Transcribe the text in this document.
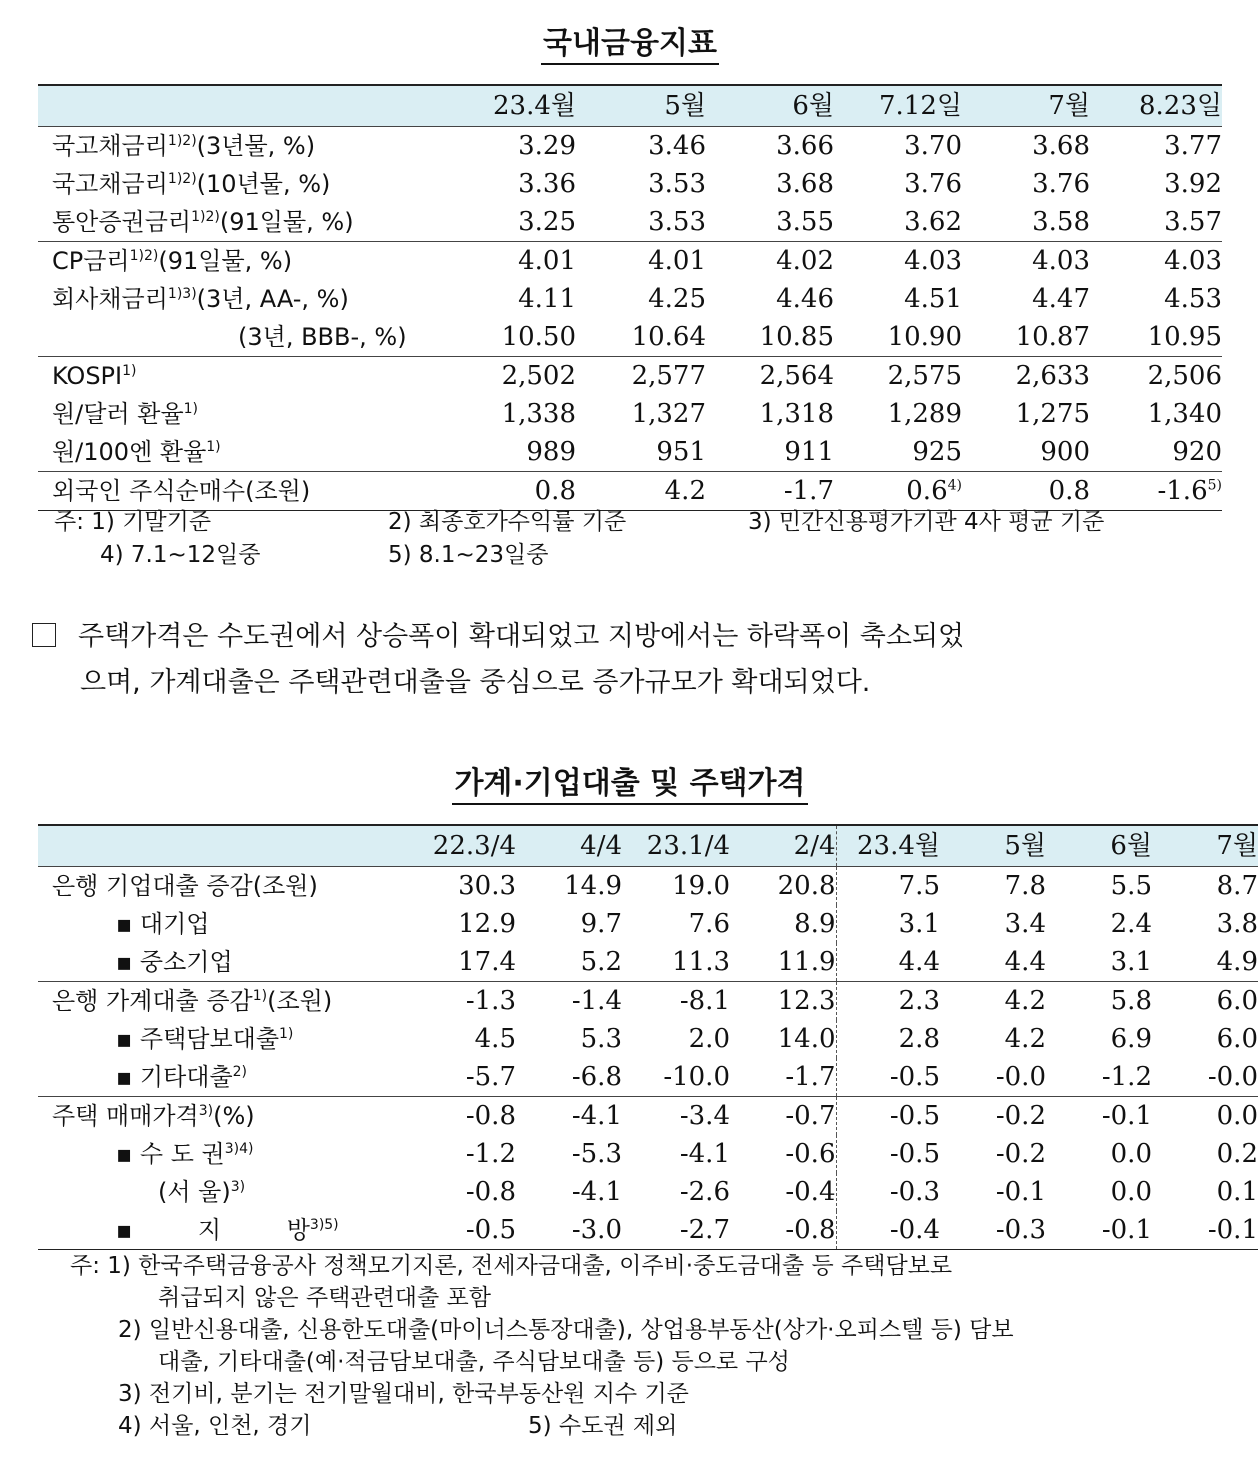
국내금융지표
	23.4월	5월	6월	7.12일	7월	8.23일
국고채금리$^{1)2)}$(3년물, %)	3.29	3.46	3.66	3.70	3.68	3.77
국고채금리$^{1)2)}$(10년물, %)	3.36	3.53	3.68	3.76	3.76	3.92
통안증권금리$^{1)2)}$(91일물, %)	3.25	3.53	3.55	3.62	3.58	3.57
CP금리$^{1)2)}$(91일물, %)	4.01	4.01	4.02	4.03	4.03	4.03
회사채금리$^{1)3)}$(3년, AA-, %)	4.11	4.25	4.46	4.51	4.47	4.53
(3년, BBB-, %)	10.50	10.64	10.85	10.90	10.87	10.95
KOSPI$^{1)}$	2,502	2,577	2,564	2,575	2,633	2,506
원/달러 환율$^{1)}$	1,338	1,327	1,318	1,289	1,275	1,340
원/100엔 환율$^{1)}$	989	951	911	925	900	920
외국인 주식순매수(조원)	0.8	4.2	-1.7	0.6$^{4)}$	0.8	-1.6$^{5)}$
주: 1) 기말기준	2) 최종호가수익률 기준	3) 민간신용평가기관 4사 평균 기준
4) 7.1~12일중	5) 8.1~23일중
주택가격은 수도권에서 상승폭이 확대되었고 지방에서는 하락폭이 축소되었
으며, 가계대출은 주택관련대출을 중심으로 증가규모가 확대되었다.
가계·기업대출 및 주택가격
	22.3/4	4/4	23.1/4	2/4	23.4월	5월	6월	7월
은행 기업대출 증감(조원)	30.3	14.9	19.0	20.8	7.5	7.8	5.5	8.7
▪ 대기업	12.9	9.7	7.6	8.9	3.1	3.4	2.4	3.8
▪ 중소기업	17.4	5.2	11.3	11.9	4.4	4.4	3.1	4.9
은행 가계대출 증감$^{1)}$(조원)	-1.3	-1.4	-8.1	12.3	2.3	4.2	5.8	6.0
▪ 주택담보대출$^{1)}$	4.5	5.3	2.0	14.0	2.8	4.2	6.9	6.0
▪ 기타대출$^{2)}$	-5.7	-6.8	-10.0	-1.7	-0.5	-0.0	-1.2	-0.0
주택 매매가격$^{3)}$(%)	-0.8	-4.1	-3.4	-0.7	-0.5	-0.2	-0.1	0.0
▪ 수 도 권$^{3)4)}$	-1.2	-5.3	-4.1	-0.6	-0.5	-0.2	0.0	0.2
(서 울)$^{3)}$	-0.8	-4.1	-2.6	-0.4	-0.3	-0.1	0.0	0.1
▪ 지 방$^{3)5)}$	-0.5	-3.0	-2.7	-0.8	-0.4	-0.3	-0.1	-0.1
주: 1) 한국주택금융공사 정책모기지론, 전세자금대출, 이주비·중도금대출 등 주택담보로
취급되지 않은 주택관련대출 포함
2) 일반신용대출, 신용한도대출(마이너스통장대출), 상업용부동산(상가·오피스텔 등) 담보
대출, 기타대출(예·적금담보대출, 주식담보대출 등) 등으로 구성
3) 전기비, 분기는 전기말월대비, 한국부동산원 지수 기준
4) 서울, 인천, 경기	5) 수도권 제외
